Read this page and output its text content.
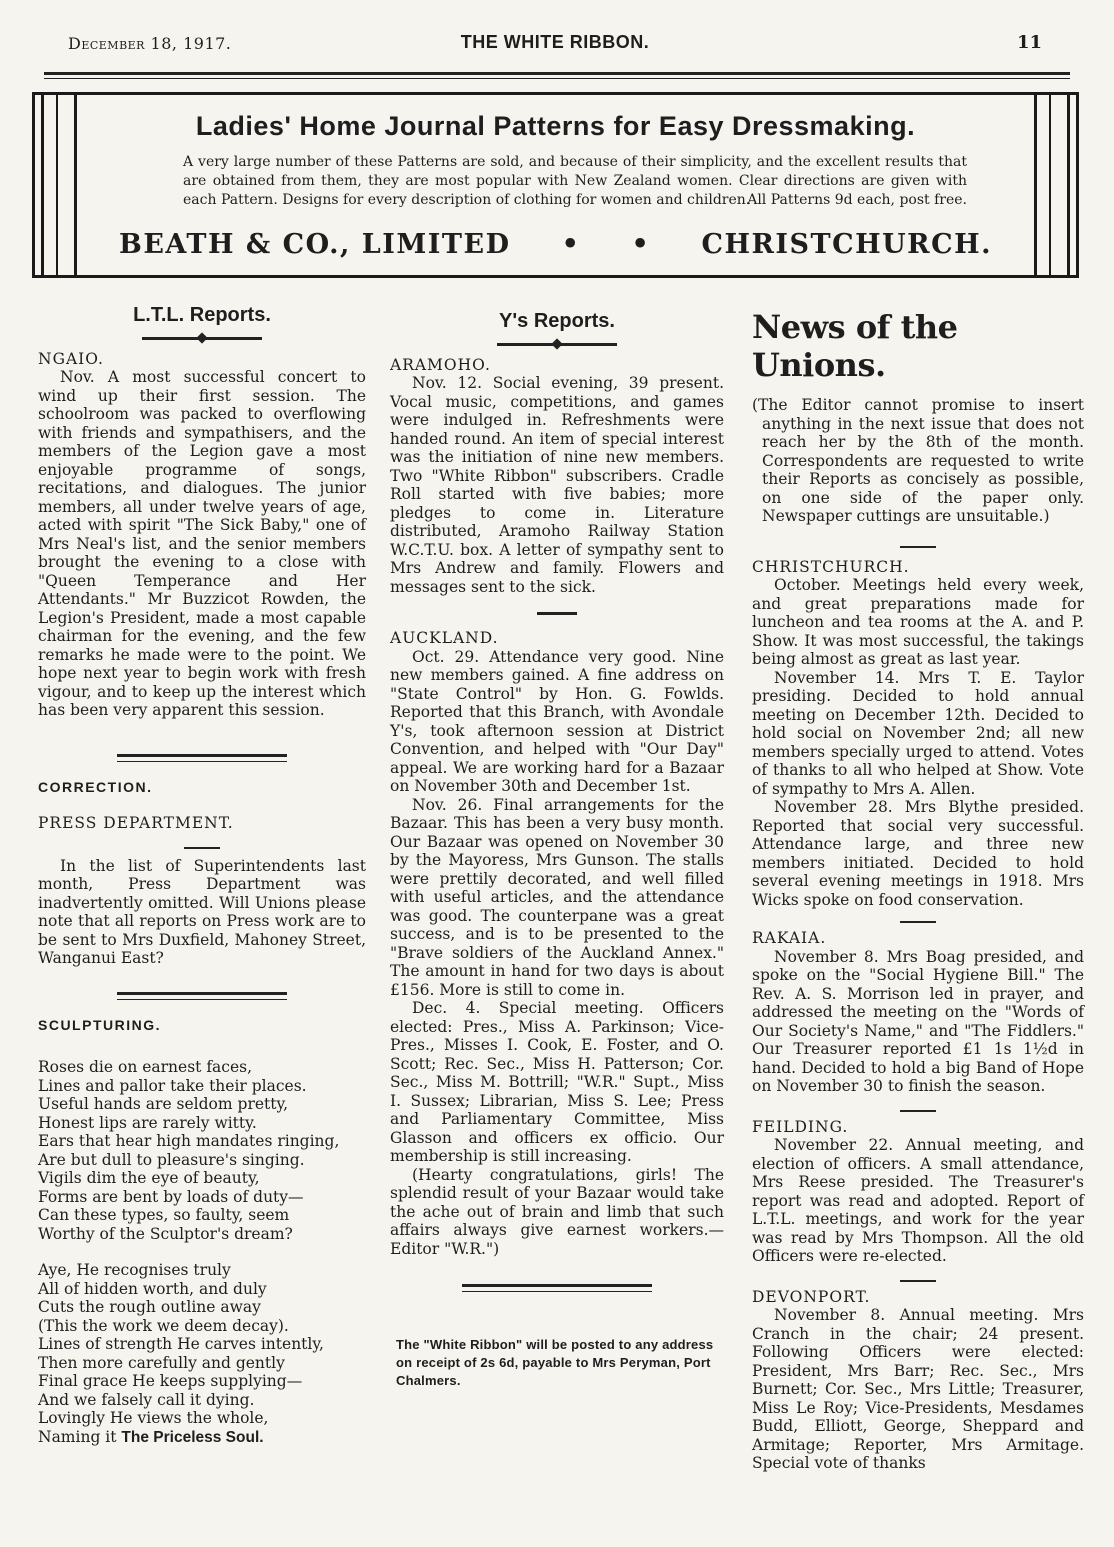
December 18, 1917.	THE WHITE RIBBON.	11
Ladies' Home Journal Patterns for Easy Dressmaking.
A very large number of these Patterns are sold, and because of their simplicity, and the excellent results that are obtained from them, they are most popular with New Zealand women. Clear directions are given with each Pattern. Designs for every description of clothing for women and children.
All Patterns 9d each, post free.
BEATH & CO., LIMITED • • CHRISTCHURCH.
L.T.L. Reports.

NGAIO.

Nov. A most successful concert to wind up their first session. The schoolroom was packed to overflowing with friends and sympathisers, and the members of the Legion gave a most enjoyable programme of songs, recitations, and dialogues. The junior members, all under twelve years of age, acted with spirit "The Sick Baby," one of Mrs Neal's list, and the senior members brought the evening to a close with "Queen Temperance and Her Attendants." Mr Buzzicot Rowden, the Legion's President, made a most capable chairman for the evening, and the few remarks he made were to the point. We hope next year to begin work with fresh vigour, and to keep up the interest which has been very apparent this session.

CORRECTION.

PRESS DEPARTMENT.

In the list of Superintendents last month, Press Department was inadvertently omitted. Will Unions please note that all reports on Press work are to be sent to Mrs Duxfield, Mahoney Street, Wanganui East?

SCULPTURING.

Roses die on earnest faces,

Lines and pallor take their places.

Useful hands are seldom pretty,

Honest lips are rarely witty.

Ears that hear high mandates ringing,

Are but dull to pleasure's singing.

Vigils dim the eye of beauty,

Forms are bent by loads of duty—

Can these types, so faulty, seem

Worthy of the Sculptor's dream?

Aye, He recognises truly

All of hidden worth, and duly

Cuts the rough outline away

(This the work we deem decay).

Lines of strength He carves intently,

Then more carefully and gently

Final grace He keeps supplying—

And we falsely call it dying.

Lovingly He views the whole,

Naming it The Priceless Soul.

Y's Reports.

ARAMOHO.

Nov. 12. Social evening, 39 present. Vocal music, competitions, and games were indulged in. Refreshments were handed round. An item of special interest was the initiation of nine new members. Two "White Ribbon" subscribers. Cradle Roll started with five babies; more pledges to come in. Literature distributed, Aramoho Railway Station W.C.T.U. box. A letter of sympathy sent to Mrs Andrew and family. Flowers and messages sent to the sick.

AUCKLAND.

Oct. 29. Attendance very good. Nine new members gained. A fine address on "State Control" by Hon. G. Fowlds. Reported that this Branch, with Avondale Y's, took afternoon session at District Convention, and helped with "Our Day" appeal. We are working hard for a Bazaar on November 30th and December 1st.

Nov. 26. Final arrangements for the Bazaar. This has been a very busy month. Our Bazaar was opened on November 30 by the Mayoress, Mrs Gunson. The stalls were prettily decorated, and well filled with useful articles, and the attendance was good. The counterpane was a great success, and is to be presented to the "Brave soldiers of the Auckland Annex." The amount in hand for two days is about £156. More is still to come in.

Dec. 4. Special meeting. Officers elected: Pres., Miss A. Parkinson; Vice-Pres., Misses I. Cook, E. Foster, and O. Scott; Rec. Sec., Miss H. Patterson; Cor. Sec., Miss M. Bottrill; "W.R." Supt., Miss I. Sussex; Librarian, Miss S. Lee; Press and Parliamentary Committee, Miss Glasson and officers ex officio. Our membership is still increasing.

(Hearty congratulations, girls! The splendid result of your Bazaar would take the ache out of brain and limb that such affairs always give earnest workers.—Editor "W.R.")

The "White Ribbon" will be posted to any address on receipt of 2s 6d, payable to Mrs Peryman, Port Chalmers.

News of the Unions.

(The Editor cannot promise to insert anything in the next issue that does not reach her by the 8th of the month. Correspondents are requested to write their Reports as concisely as possible, on one side of the paper only. Newspaper cuttings are unsuitable.)

CHRISTCHURCH.

October. Meetings held every week, and great preparations made for luncheon and tea rooms at the A. and P. Show. It was most successful, the takings being almost as great as last year.

November 14. Mrs T. E. Taylor presiding. Decided to hold annual meeting on December 12th. Decided to hold social on November 2nd; all new members specially urged to attend. Votes of thanks to all who helped at Show. Vote of sympathy to Mrs A. Allen.

November 28. Mrs Blythe presided. Reported that social very successful. Attendance large, and three new members initiated. Decided to hold several evening meetings in 1918. Mrs Wicks spoke on food conservation.

RAKAIA.

November 8. Mrs Boag presided, and spoke on the "Social Hygiene Bill." The Rev. A. S. Morrison led in prayer, and addressed the meeting on the "Words of Our Society's Name," and "The Fiddlers." Our Treasurer reported £1 1s 1½d in hand. Decided to hold a big Band of Hope on November 30 to finish the season.

FEILDING.

November 22. Annual meeting, and election of officers. A small attendance, Mrs Reese presided. The Treasurer's report was read and adopted. Report of L.T.L. meetings, and work for the year was read by Mrs Thompson. All the old Officers were re-elected.

DEVONPORT.

November 8. Annual meeting. Mrs Cranch in the chair; 24 present. Following Officers were elected: President, Mrs Barr; Rec. Sec., Mrs Burnett; Cor. Sec., Mrs Little; Treasurer, Miss Le Roy; Vice-Presidents, Mesdames Budd, Elliott, George, Sheppard and Armitage; Reporter, Mrs Armitage. Special vote of thanks
